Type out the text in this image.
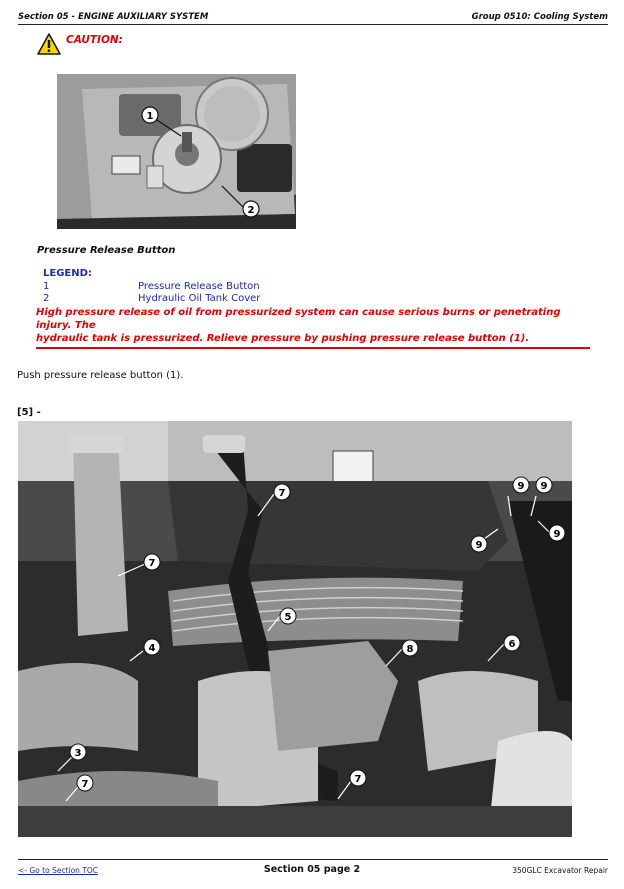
Section 05 - ENGINE AUXILIARY SYSTEM	Group 0510: Cooling System
CAUTION:
1
2
Pressure Release Button
LEGEND:
1	Pressure Release Button
2	Hydraulic Oil Tank Cover
High pressure release of oil from pressurized system can cause serious burns or penetrating injury. The
hydraulic tank is pressurized. Relieve pressure by pushing pressure release button (1).
Push pressure release button (1).
[5] -
7
9 9
9
9
7
5
4	8	6
3
7	7
<- Go to Section TOC	Section 05 page 2	350GLC Excavator Repair
